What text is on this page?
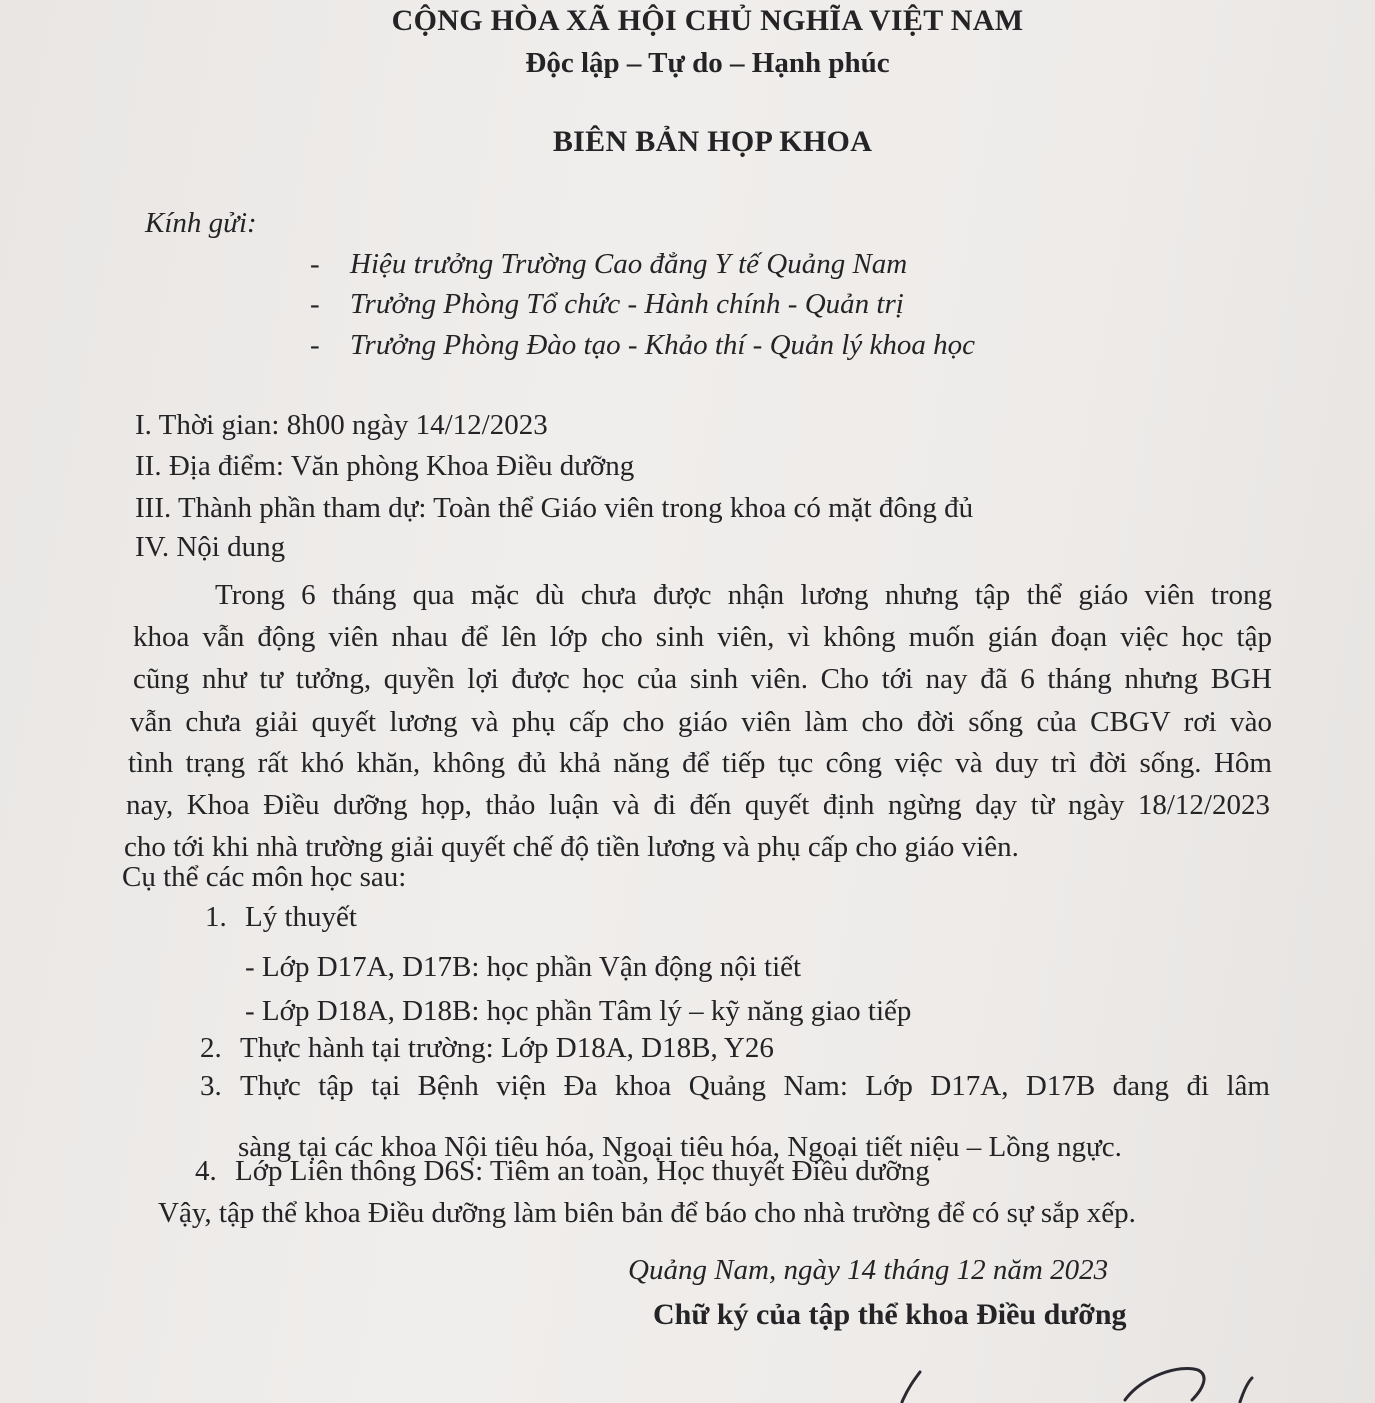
CỘNG HÒA XÃ HỘI CHỦ NGHĨA VIỆT NAM
Độc lập – Tự do – Hạnh phúc
BIÊN BẢN HỌP KHOA
Kính gửi:
- Hiệu trưởng Trường Cao đẳng Y tế Quảng Nam
- Trưởng Phòng Tổ chức - Hành chính - Quản trị
- Trưởng Phòng Đào tạo - Khảo thí - Quản lý khoa học
I. Thời gian: 8h00 ngày 14/12/2023
II. Địa điểm: Văn phòng Khoa Điều dưỡng
III. Thành phần tham dự: Toàn thể Giáo viên trong khoa có mặt đông đủ
IV. Nội dung
Trong 6 tháng qua mặc dù chưa được nhận lương nhưng tập thể giáo viên trong
khoa vẫn động viên nhau để lên lớp cho sinh viên, vì không muốn gián đoạn việc học tập
cũng như tư tưởng, quyền lợi được học của sinh viên. Cho tới nay đã 6 tháng nhưng BGH
vẫn chưa giải quyết lương và phụ cấp cho giáo viên làm cho đời sống của CBGV rơi vào
tình trạng rất khó khăn, không đủ khả năng để tiếp tục công việc và duy trì đời sống. Hôm
nay, Khoa Điều dưỡng họp, thảo luận và đi đến quyết định ngừng dạy từ ngày 18/12/2023
cho tới khi nhà trường giải quyết chế độ tiền lương và phụ cấp cho giáo viên.
Cụ thể các môn học sau:
1. Lý thuyết
- Lớp D17A, D17B: học phần Vận động nội tiết
- Lớp D18A, D18B: học phần Tâm lý – kỹ năng giao tiếp
2. Thực hành tại trường: Lớp D18A, D18B, Y26
3. Thực tập tại Bệnh viện Đa khoa Quảng Nam: Lớp D17A, D17B đang đi lâm
sàng tại các khoa Nội tiêu hóa, Ngoại tiêu hóa, Ngoại tiết niệu – Lồng ngực.
4. Lớp Liên thông D6S: Tiêm an toàn, Học thuyết Điều dưỡng
Vậy, tập thể khoa Điều dưỡng làm biên bản để báo cho nhà trường để có sự sắp xếp.
Quảng Nam, ngày 14 tháng 12 năm 2023
Chữ ký của tập thể khoa Điều dưỡng
